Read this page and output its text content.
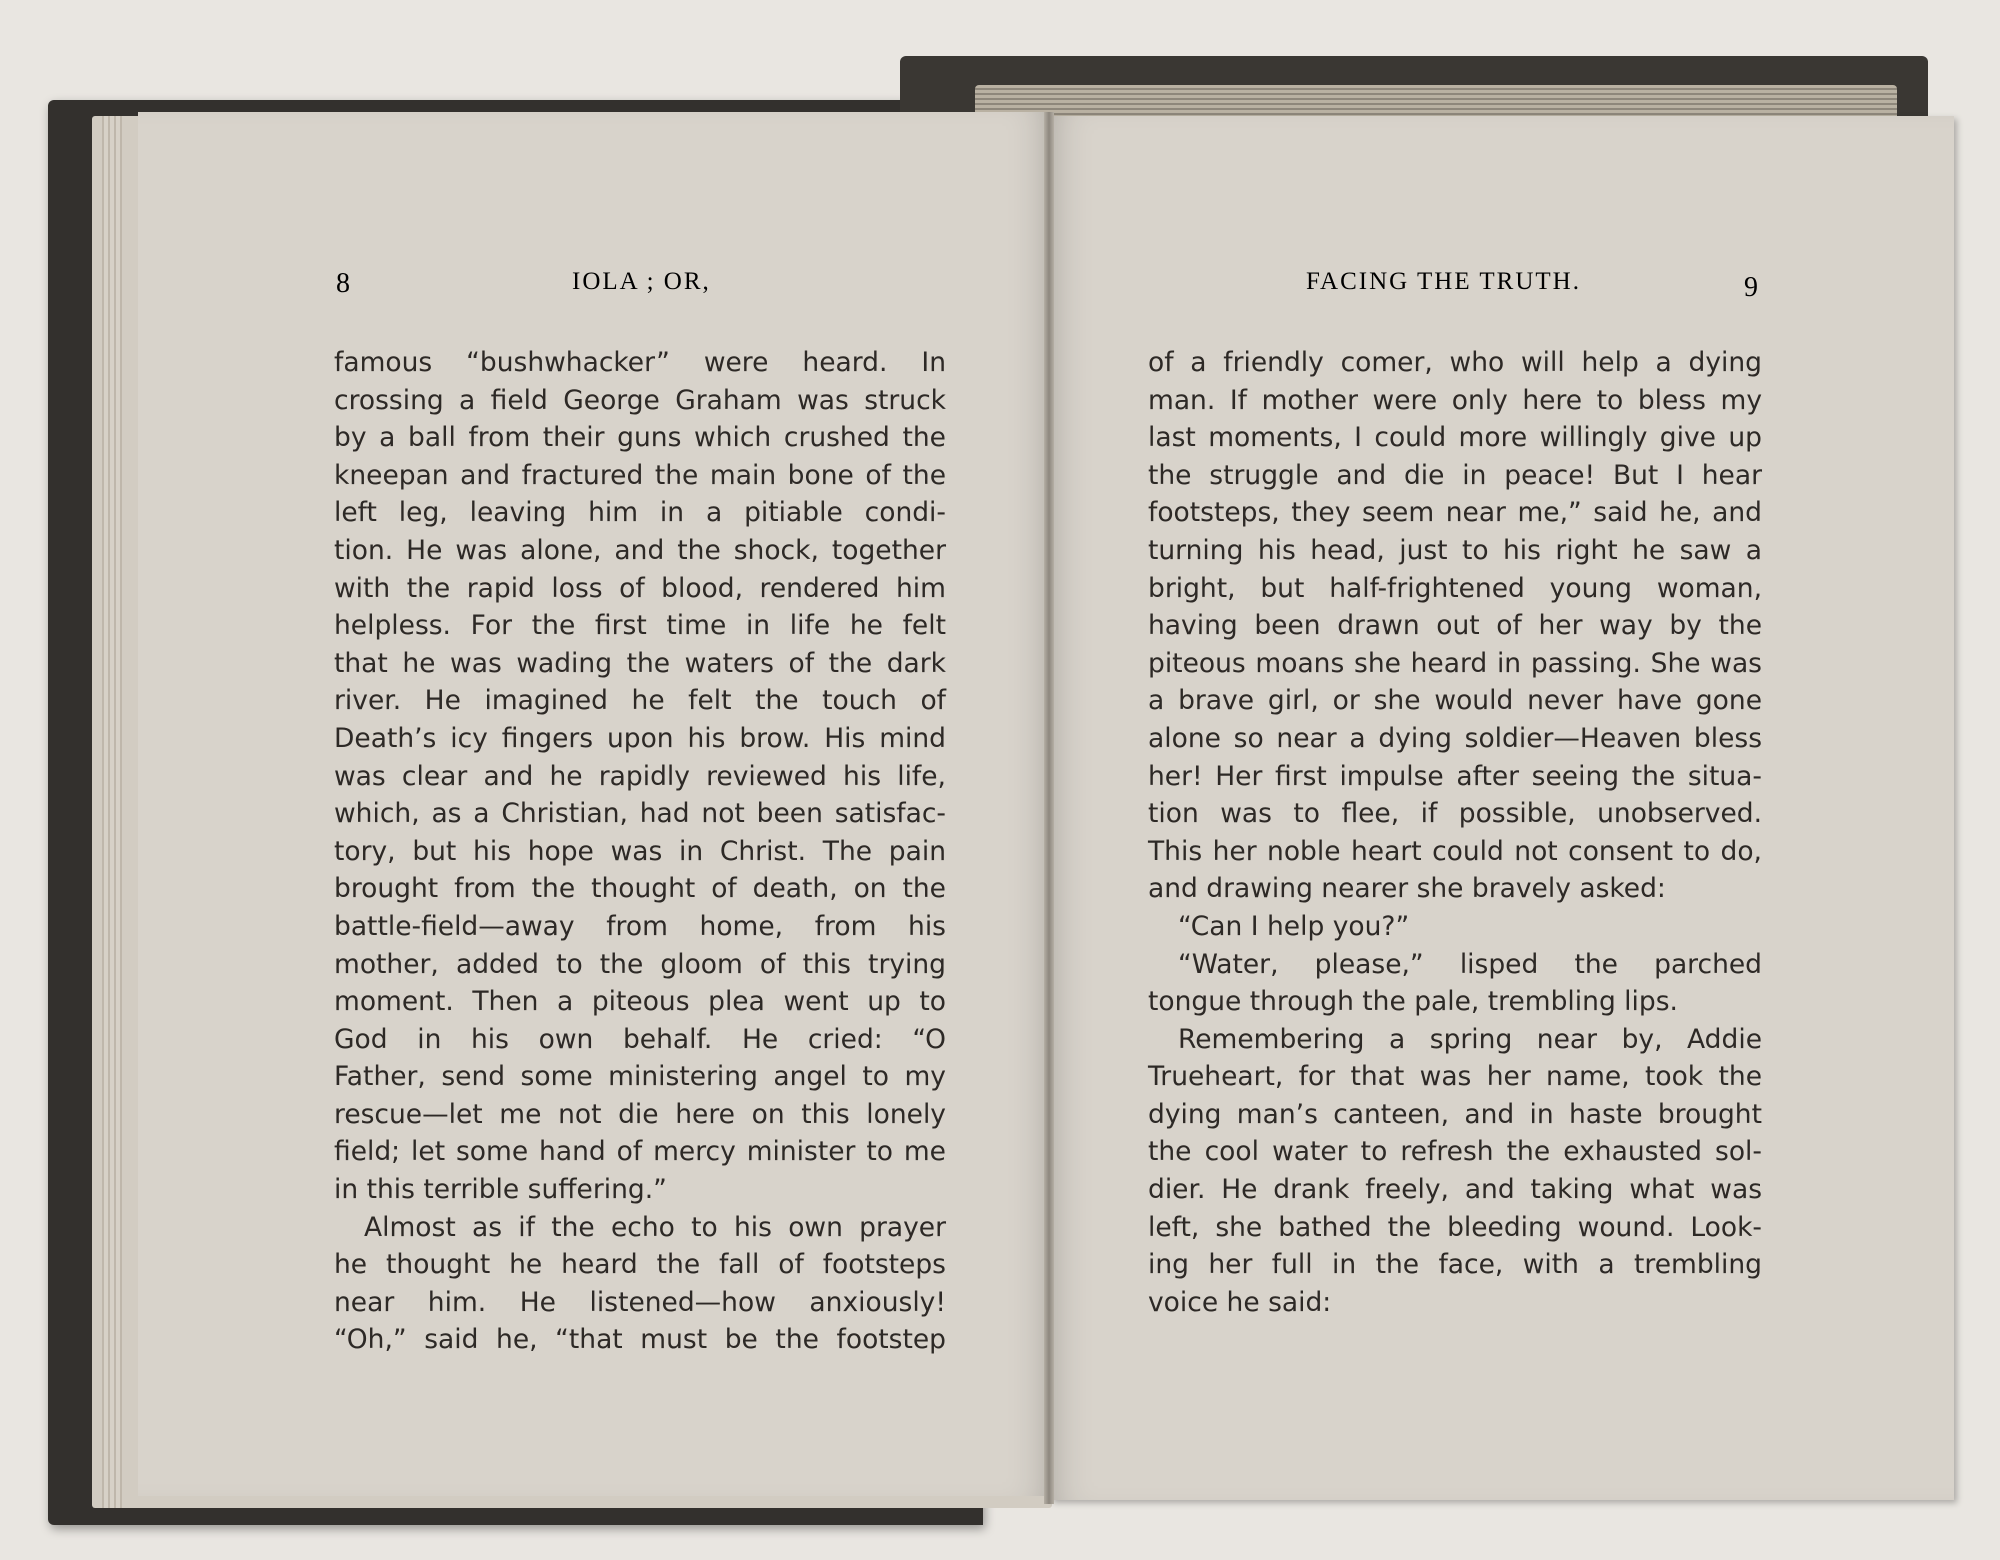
8	IOLA ; OR,	FACING THE TRUTH.	9
famous “bushwhacker” were heard. In
crossing a field George Graham was struck
by a ball from their guns which crushed the
kneepan and fractured the main bone of the
left leg, leaving him in a pitiable condi-
tion. He was alone, and the shock, together
with the rapid loss of blood, rendered him
helpless. For the first time in life he felt
that he was wading the waters of the dark
river. He imagined he felt the touch of
Death’s icy fingers upon his brow. His mind
was clear and he rapidly reviewed his life,
which, as a Christian, had not been satisfac-
tory, but his hope was in Christ. The pain
brought from the thought of death, on the
battle-field—away from home, from his
mother, added to the gloom of this trying
moment. Then a piteous plea went up to
God in his own behalf. He cried: “O
Father, send some ministering angel to my
rescue—let me not die here on this lonely
field; let some hand of mercy minister to me
in this terrible suffering.”
Almost as if the echo to his own prayer
he thought he heard the fall of footsteps
near him. He listened—how anxiously!
“Oh,” said he, “that must be the footstep
of a friendly comer, who will help a dying
man. If mother were only here to bless my
last moments, I could more willingly give up
the struggle and die in peace! But I hear
footsteps, they seem near me,” said he, and
turning his head, just to his right he saw a
bright, but half-frightened young woman,
having been drawn out of her way by the
piteous moans she heard in passing. She was
a brave girl, or she would never have gone
alone so near a dying soldier—Heaven bless
her! Her first impulse after seeing the situa-
tion was to flee, if possible, unobserved.
This her noble heart could not consent to do,
and drawing nearer she bravely asked:
“Can I help you?”
“Water, please,” lisped the parched
tongue through the pale, trembling lips.
Remembering a spring near by, Addie
Trueheart, for that was her name, took the
dying man’s canteen, and in haste brought
the cool water to refresh the exhausted sol-
dier. He drank freely, and taking what was
left, she bathed the bleeding wound. Look-
ing her full in the face, with a trembling
voice he said:
